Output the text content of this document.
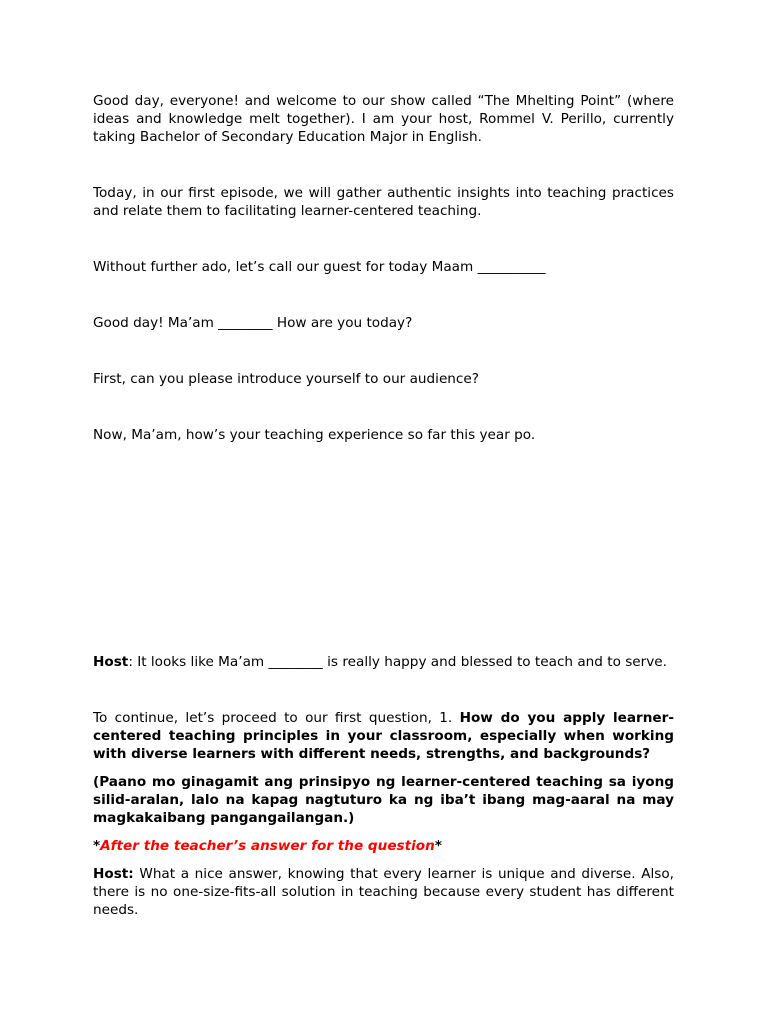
Good day, everyone! and welcome to our show called “The Mhelting Point” (where ideas and knowledge melt together). I am your host, Rommel V. Perillo, currently taking Bachelor of Secondary Education Major in English.

Today, in our first episode, we will gather authentic insights into teaching practices and relate them to facilitating learner-centered teaching.

Without further ado, let’s call our guest for today Maam __________

Good day! Ma’am ________ How are you today?

First, can you please introduce yourself to our audience?

Now, Ma’am, how’s your teaching experience so far this year po.

Host: It looks like Ma’am ________ is really happy and blessed to teach and to serve.

To continue, let’s proceed to our first question, 1. How do you apply learner-centered teaching principles in your classroom, especially when working with diverse learners with different needs, strengths, and backgrounds?

(Paano mo ginagamit ang prinsipyo ng learner-centered teaching sa iyong silid-aralan, lalo na kapag nagtuturo ka ng iba’t ibang mag-aaral na may magkakaibang pangangailangan.)

*After the teacher’s answer for the question*

Host: What a nice answer, knowing that every learner is unique and diverse. Also, there is no one-size-fits-all solution in teaching because every student has different needs.
